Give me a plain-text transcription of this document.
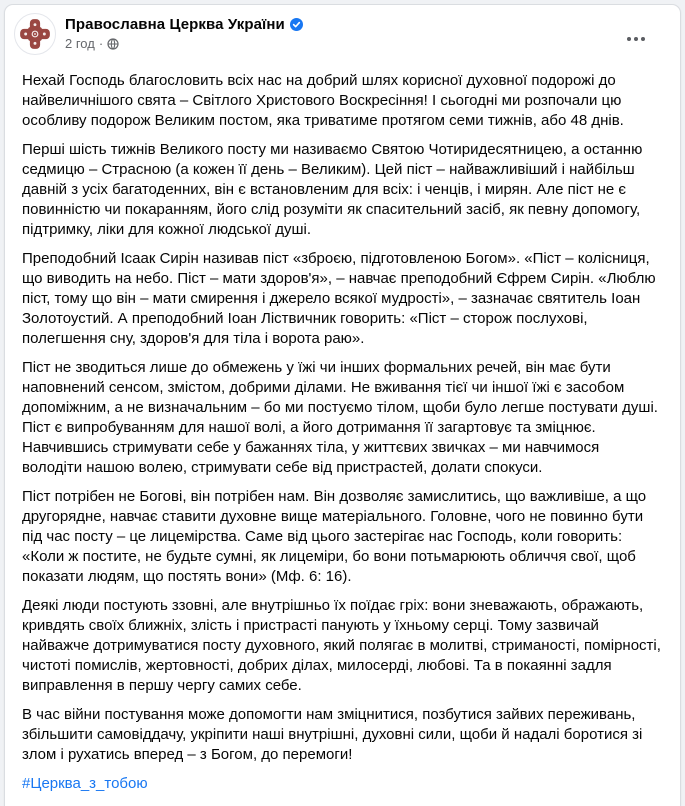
Православна Церква України
2 год ·

Нехай Господь благословить всіх нас на добрий шлях корисної духовної подорожі до найвеличнішого свята – Світлого Христового Воскресіння! І сьогодні ми розпочали цю особливу подорож Великим постом, яка триватиме протягом семи тижнів, або 48 днів.

Перші шість тижнів Великого посту ми називаємо Святою Чотиридесятницею, а останню седмицю – Страсною (а кожен її день – Великим). Цей піст – найважливіший і найбільш давній з усіх багатоденних, він є встановленим для всіх: і ченців, і мирян. Але піст не є повинністю чи покаранням, його слід розуміти як спасительний засіб, як певну допомогу, підтримку, ліки для кожної людської душі.

Преподобний Ісаак Сирін називав піст «зброєю, підготовленою Богом». «Піст – колісниця, що виводить на небо. Піст – мати здоров'я», – навчає преподобний Єфрем Сирін. «Люблю піст, тому що він – мати смирення і джерело всякої мудрості», – зазначає святитель Іоан Золотоустий. А преподобний Іоан Ліствичник говорить: «Піст – сторож послухові, полегшення сну, здоров'я для тіла і ворота раю».

Піст не зводиться лише до обмежень у їжі чи інших формальних речей, він має бути наповнений сенсом, змістом, добрими ділами. Не вживання тієї чи іншої їжі є засобом допоміжним, а не визначальним – бо ми постуємо тілом, щоби було легше постувати душі. Піст є випробуванням для нашої волі, а його дотримання її загартовує та зміцнює. Навчившись стримувати себе у бажаннях тіла, у життєвих звичках – ми навчимося володіти нашою волею, стримувати себе від пристрастей, долати спокуси.

Піст потрібен не Богові, він потрібен нам. Він дозволяє замислитись, що важливіше, а що другорядне, навчає ставити духовне вище матеріального. Головне, чого не повинно бути під час посту – це лицемірства. Саме від цього застерігає нас Господь, коли говорить: «Коли ж постите, не будьте сумні, як лицеміри, бо вони потьмарюють обличчя свої, щоб показати людям, що постять вони» (Мф. 6: 16).

Деякі люди постують ззовні, але внутрішньо їх поїдає гріх: вони зневажають, ображають, кривдять своїх ближніх, злість і пристрасті панують у їхньому серці. Тому зазвичай найважче дотримуватися посту духовного, який полягає в молитві, стриманості, помірності, чистоті помислів, жертовності, добрих ділах, милосерді, любові. Та в покаянні задля виправлення в першу чергу самих себе.

В час війни постування може допомогти нам зміцнитися, позбутися зайвих переживань, збільшити самовіддачу, укріпити наші внутрішні, духовні сили, щоби й надалі боротися зі злом і рухатись вперед – з Богом, до перемоги!

#Церква_з_тобою
